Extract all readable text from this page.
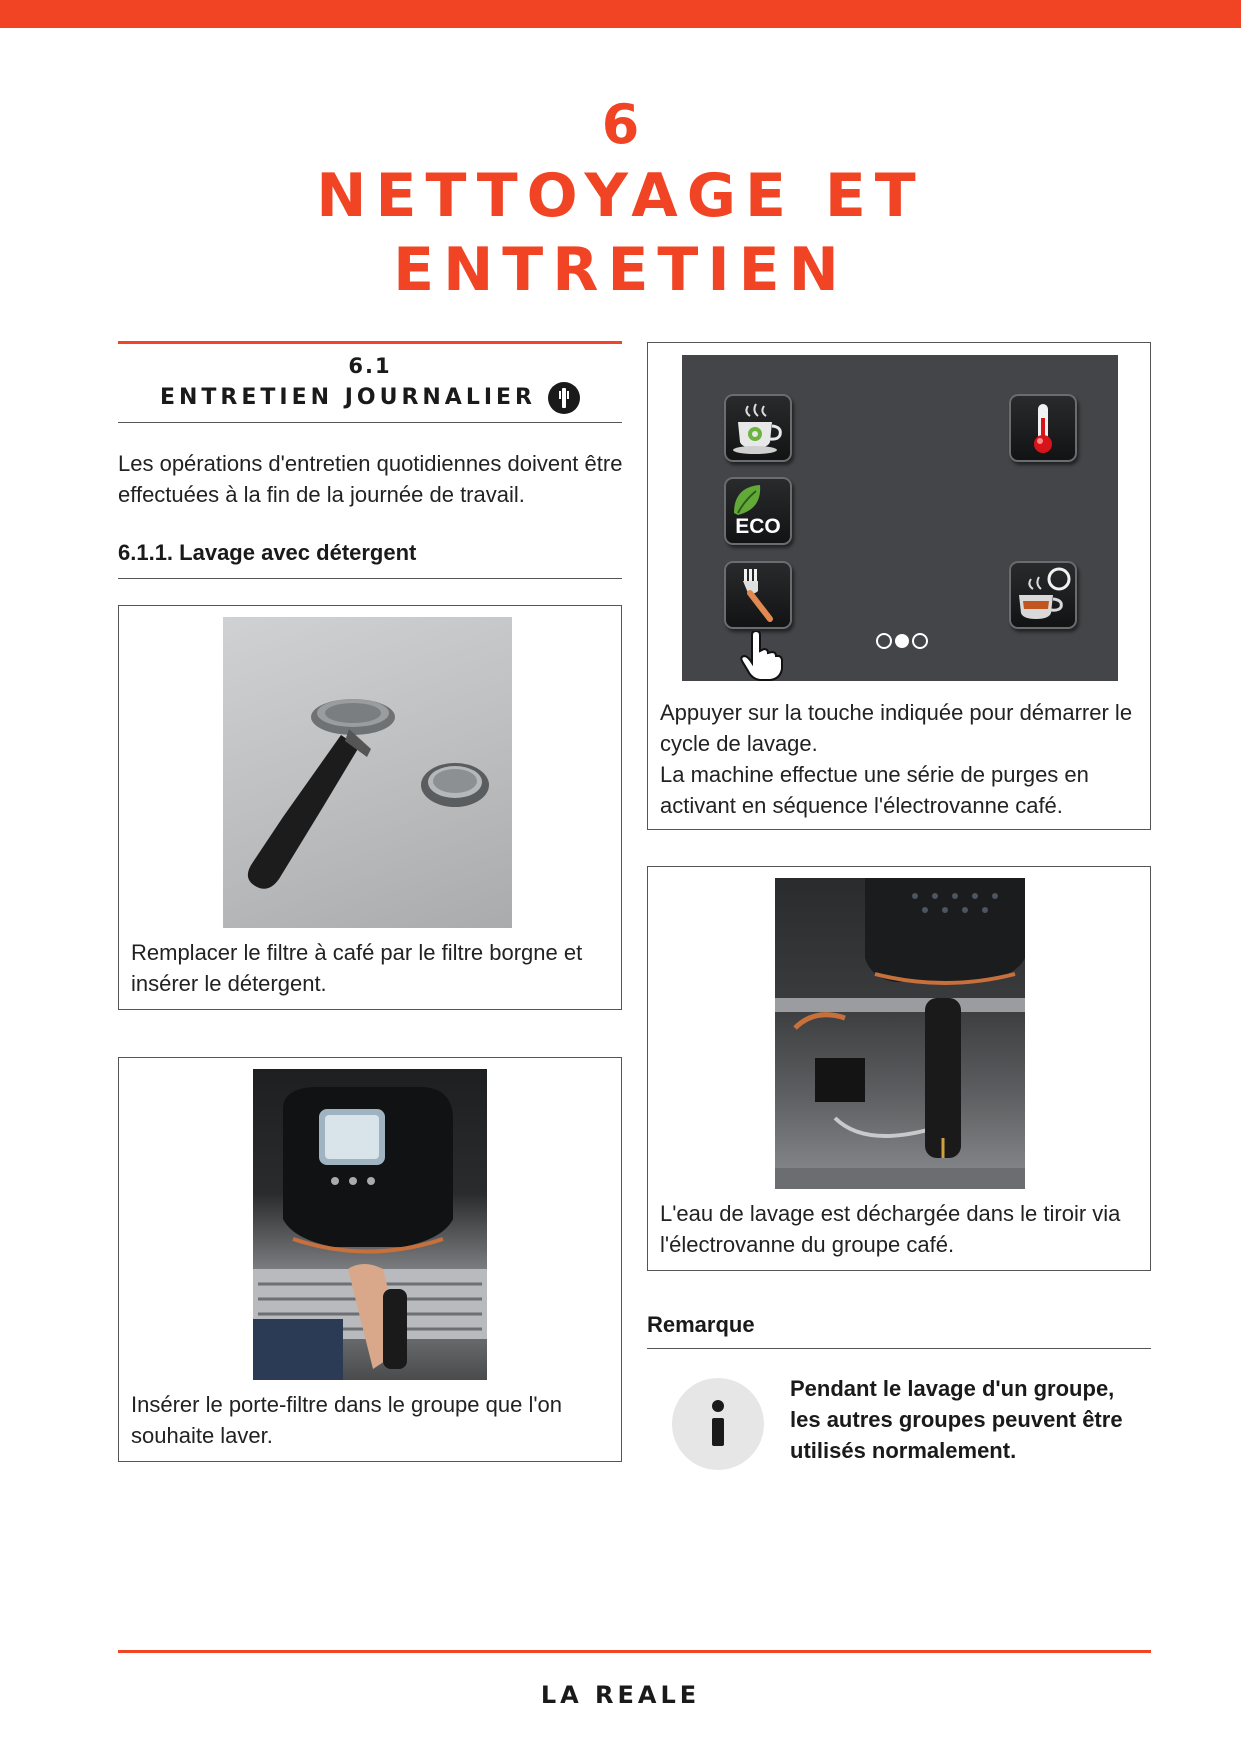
6
NETTOYAGE ET
ENTRETIEN
6.1
ENTRETIEN JOURNALIER

Les opérations d'entretien quotidiennes doivent être effectuées à la fin de la journée de travail.

6.1.1. Lavage avec détergent
Remplacer le filtre à café par le filtre borgne et insérer le détergent.
Insérer le porte-filtre dans le groupe que l'on souhaite laver.
ECO
Appuyer sur la touche indiquée pour démarrer le cycle de lavage.
La machine effectue une série de purges en activant en séquence l'électrovanne café.
L'eau de lavage est déchargée dans le tiroir via l'électrovanne du groupe café.
Remarque
Pendant le lavage d'un groupe, les autres groupes peuvent être utilisés normalement.
LA REALE
